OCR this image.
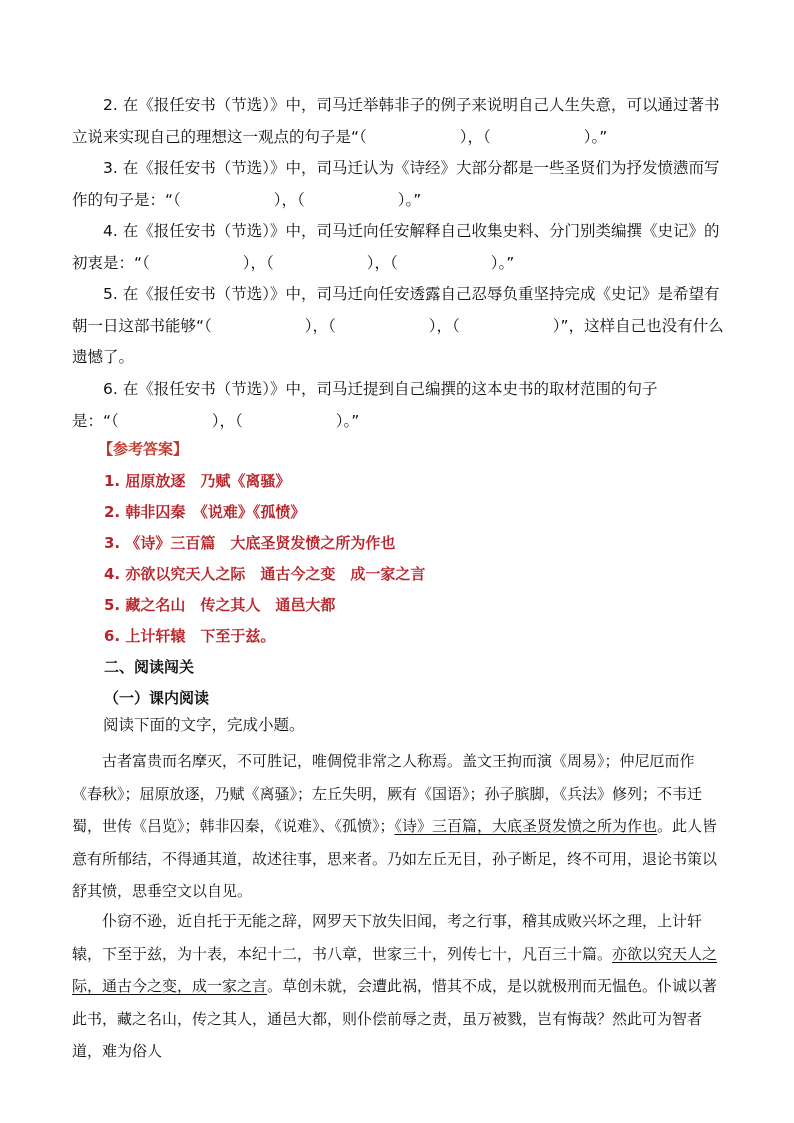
2. 在《报任安书（节选）》中，司马迁举韩非子的例子来说明自己人生失意，可以通过著书立说来实现自己的理想这一观点的句子是“（　　　　　　），（　　　　　　）。”

3. 在《报任安书（节选）》中，司马迁认为《诗经》大部分都是一些圣贤们为抒发愤懑而写作的句子是：“（　　　　　　），（　　　　　　）。”

4. 在《报任安书（节选）》中，司马迁向任安解释自己收集史料、分门别类编撰《史记》的初衷是：“（　　　　　　），（　　　　　　），（　　　　　　）。”

5. 在《报任安书（节选）》中，司马迁向任安透露自己忍辱负重坚持完成《史记》是希望有朝一日这部书能够“（　　　　　　），（　　　　　　），（　　　　　　）”，这样自己也没有什么遗憾了。

6. 在《报任安书（节选）》中，司马迁提到自己编撰的这本史书的取材范围的句子是：“（　　　　　　），（　　　　　　）。”

【参考答案】
1. 屈原放逐　乃赋《离骚》
2. 韩非囚秦　《说难》《孤愤》
3. 《诗》三百篇　大底圣贤发愤之所为作也
4. 亦欲以究天人之际　通古今之变　成一家之言
5. 藏之名山　传之其人　通邑大都
6. 上计轩辕　下至于兹。
二、阅读闯关
（一）课内阅读
阅读下面的文字，完成小题。

古者富贵而名摩灭，不可胜记，唯倜傥非常之人称焉。盖文王拘而演《周易》；仲尼厄而作《春秋》；屈原放逐，乃赋《离骚》；左丘失明，厥有《国语》；孙子膑脚，《兵法》修列；不韦迁蜀，世传《吕览》；韩非囚秦，《说难》、《孤愤》；《诗》三百篇，大底圣贤发愤之所为作也。此人皆意有所郁结，不得通其道，故述往事，思来者。乃如左丘无目，孙子断足，终不可用，退论书策以舒其愤，思垂空文以自见。

仆窃不逊，近自托于无能之辞，网罗天下放失旧闻，考之行事，稽其成败兴坏之理，上计轩辕，下至于兹，为十表，本纪十二，书八章，世家三十，列传七十，凡百三十篇。亦欲以究天人之际，通古今之变，成一家之言。草创未就，会遭此祸，惜其不成，是以就极刑而无愠色。仆诚以著此书，藏之名山，传之其人，通邑大都，则仆偿前辱之责，虽万被戮，岂有悔哉？然此可为智者道，难为俗人
